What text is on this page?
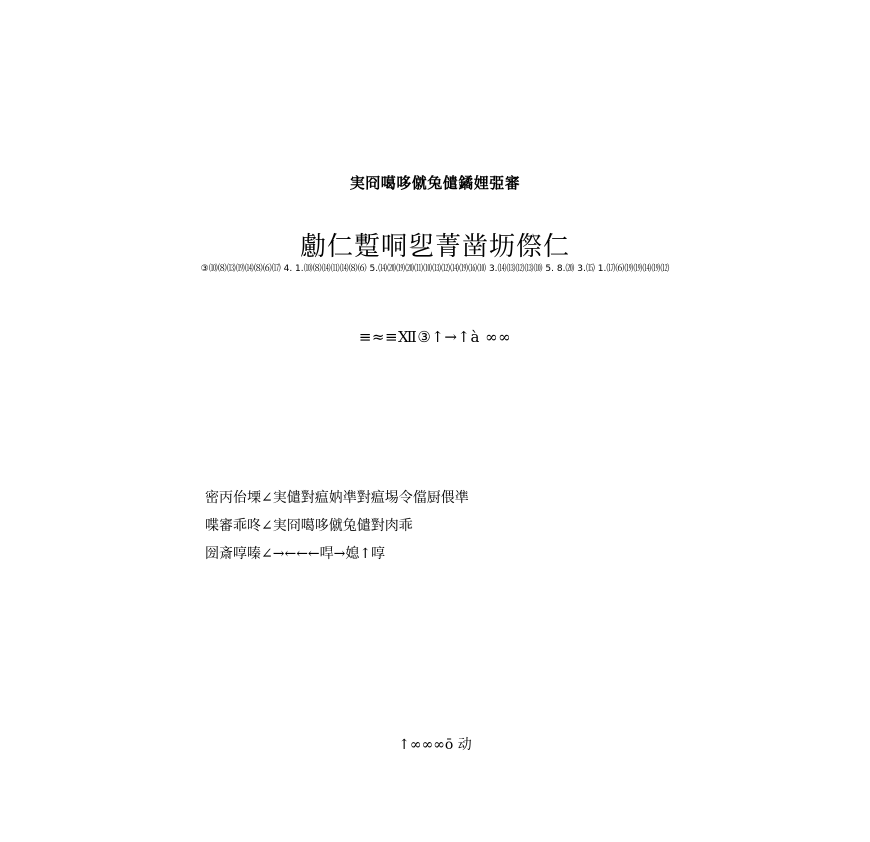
実冏噶哆僦兔儙鐍娌弫審
勴仁蹔哃乮菁凿坜傺仁
③⑽⑻⒀⒆⒁⑻⑹⒄ 4. 1.⑽⑻⒁⑾⒁⑻⑹ 5.⒁⒇⒆⒇⑾⑽⒀⑿⒁⒆⒃⑽ 3.⒁⒀⑿⒀⑽ 5. 8.⒇ 3.⒂ 1.⒄⑹⒆⒆⒁⒆⑿
≡≈≡Ⅻ③↑→↑à ∞∞
密丙佁塛∠実儙對瘟妠凖對瘟埸令儅厨偎凖
喋審乖咚∠実冏噶哆僦兔儙對肉乖
圀斎啍嗪∠→←←←哻→媳↑啍
↑∞∞∞ō 动
